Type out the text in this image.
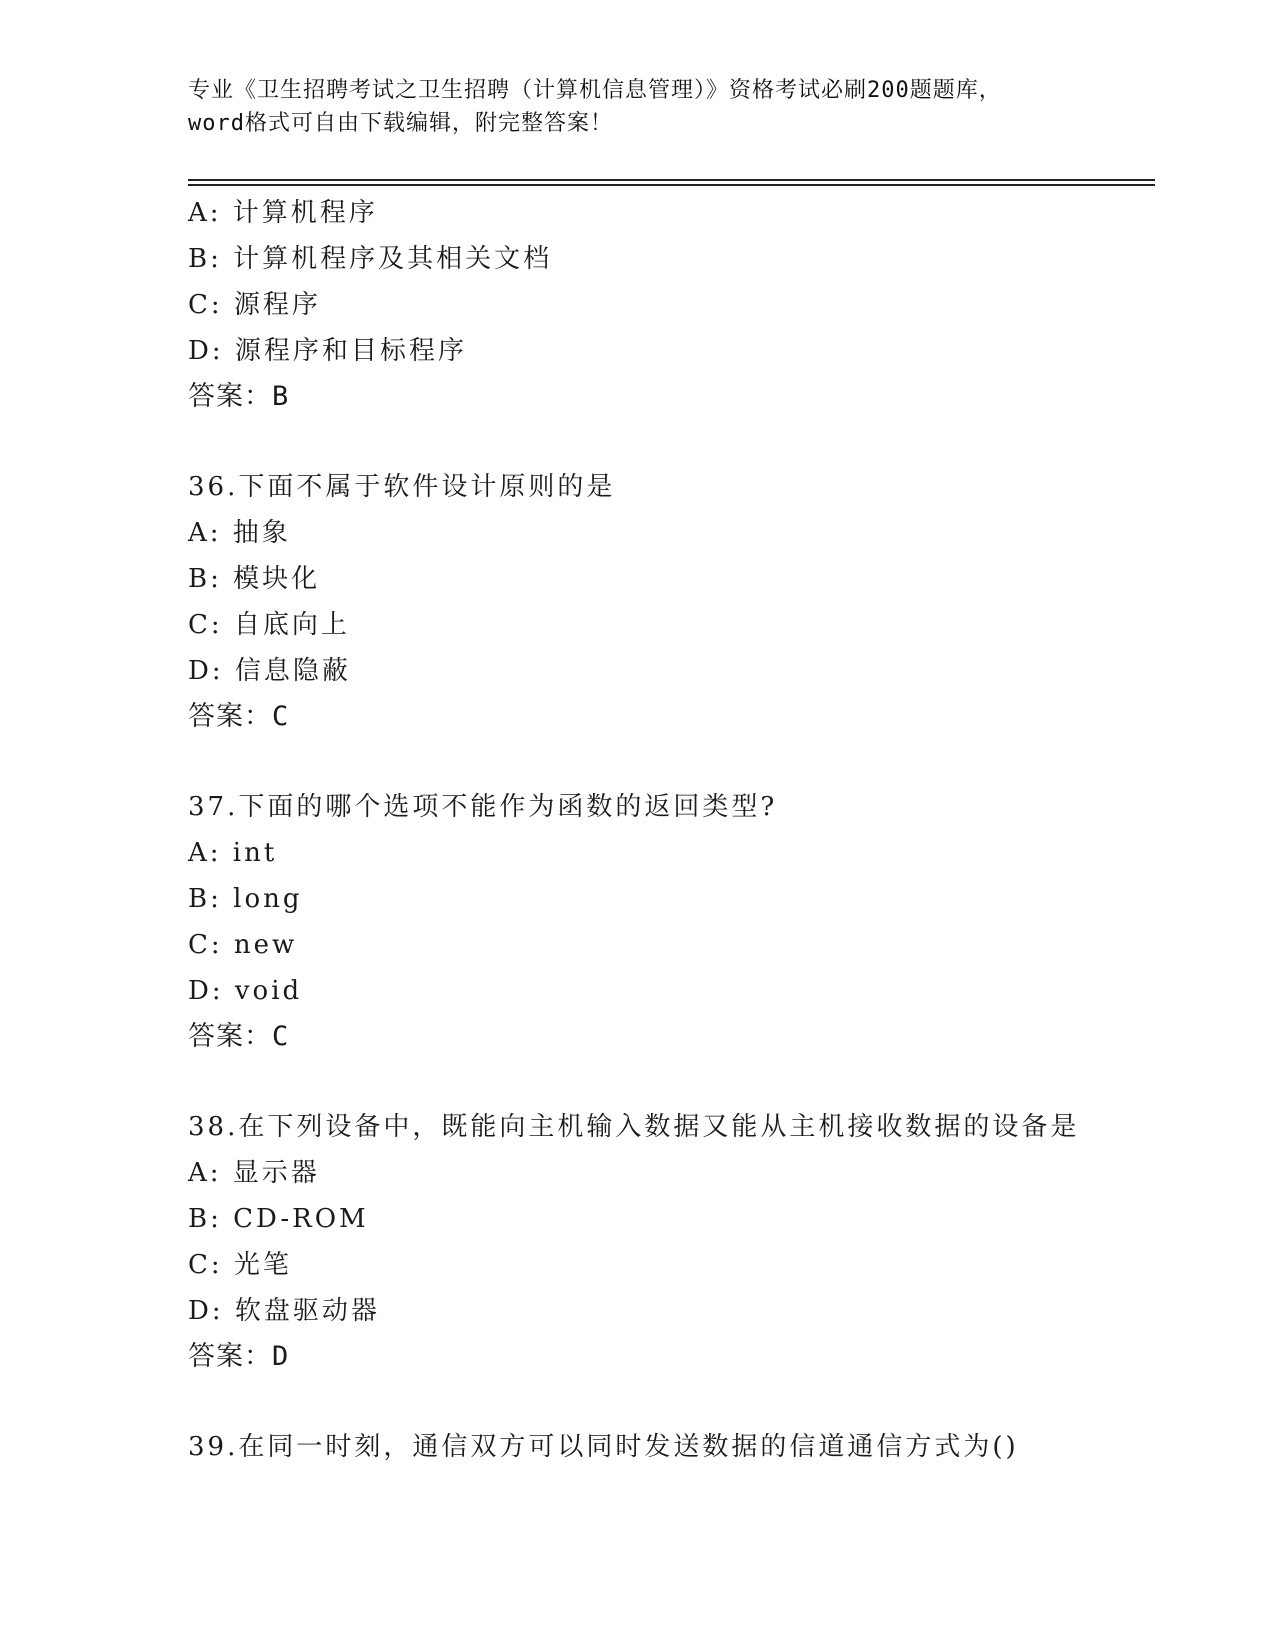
专业《卫生招聘考试之卫生招聘（计算机信息管理）》资格考试必刷200题题库，
word格式可自由下载编辑，附完整答案！
A: 计算机程序
B: 计算机程序及其相关文档
C: 源程序
D: 源程序和目标程序
答案：B
36.下面不属于软件设计原则的是
A: 抽象
B: 模块化
C: 自底向上
D: 信息隐蔽
答案：C
37.下面的哪个选项不能作为函数的返回类型?
A: int
B: long
C: new
D: void
答案：C
38.在下列设备中，既能向主机输入数据又能从主机接收数据的设备是
A: 显示器
B: CD-ROM
C: 光笔
D: 软盘驱动器
答案：D
39.在同一时刻，通信双方可以同时发送数据的信道通信方式为()
